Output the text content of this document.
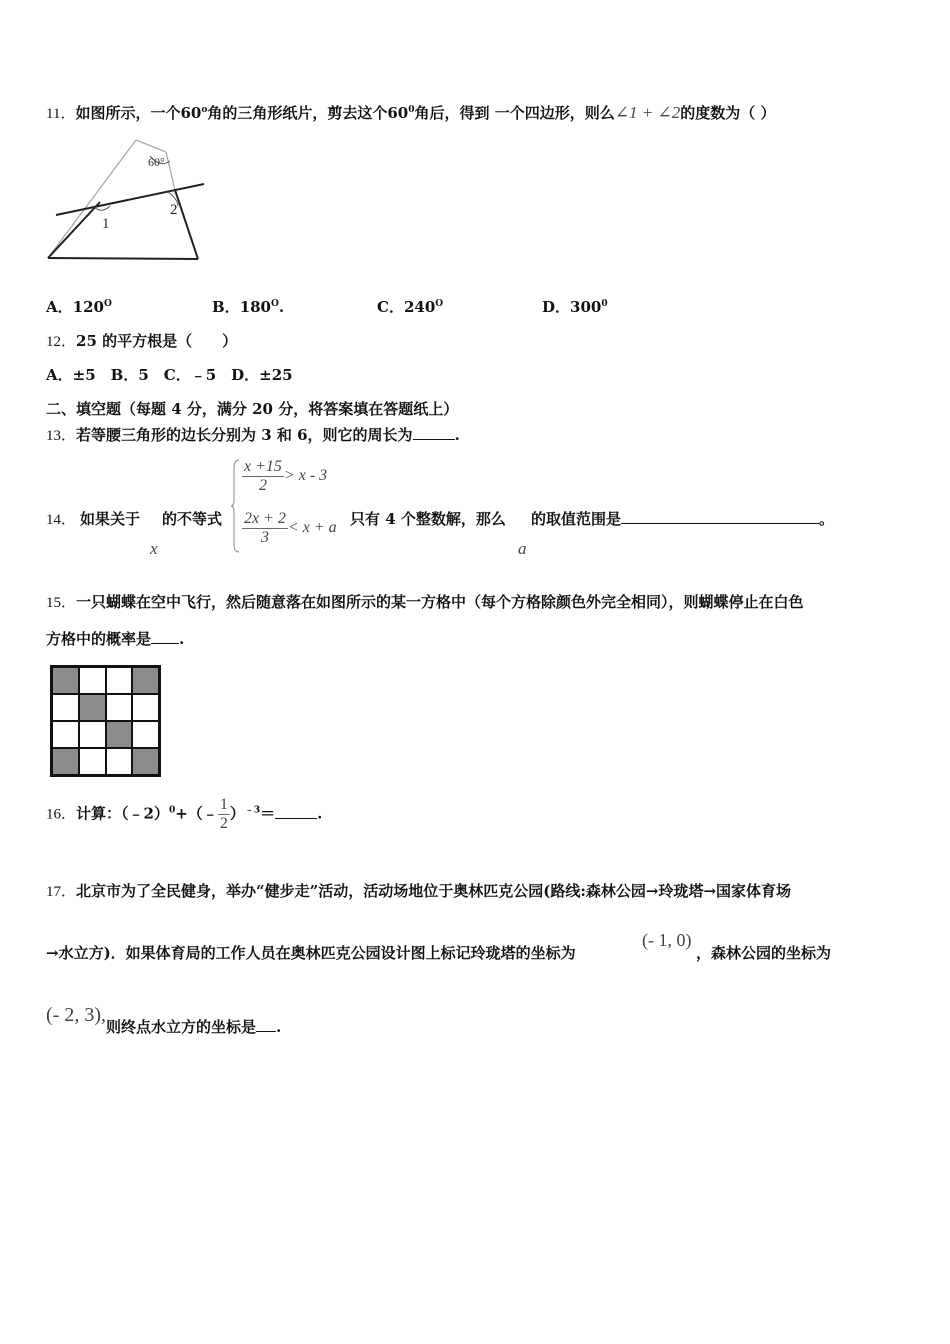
11．如图所示，一个60$^o$角的三角形纸片，剪去这个$60^0$角后，得到 一个四边形，则么∠1 + ∠2的度数为（ ）
60°
1
2
A．$120^O$	B．$180^O$.	C．$240^O$	D．$300^0$
12．25 的平方根是（　　）
A．±5　B．5　C．﹣5　D．±25
二、填空题（每题 4 分，满分 20 分，将答案填在答题纸上）
13．若等腰三角形的边长分别为 3 和 6，则它的周长为	.
14． 如果关于
x
的不等式
$\frac{x +15}{2} > x - 3$
$\frac{2x + 2}{3} < x + a$ 只有 4 个整数解，那么
a
的取值范围是	。
15．一只蝴蝶在空中飞行，然后随意落在如图所示的某一方格中（每个方格除颜色外完全相同），则蝴蝶停止在白色
方格中的概率是 .
16．计算：（﹣2）$^0$+（﹣ $\frac{1}{2} )^{﹣3}=$	.
17．北京市为了全民健身，举办“健步走”活动，活动场地位于奥林匹克公园(路线:森林公园→玲珑塔→国家体育场
→水立方)．如果体育局的工作人员在奥林匹克公园设计图上标记玲珑塔的坐标为
(- 1, 0)
，森林公园的坐标为
(- 2, 3),
则终点水立方的坐标是 .
